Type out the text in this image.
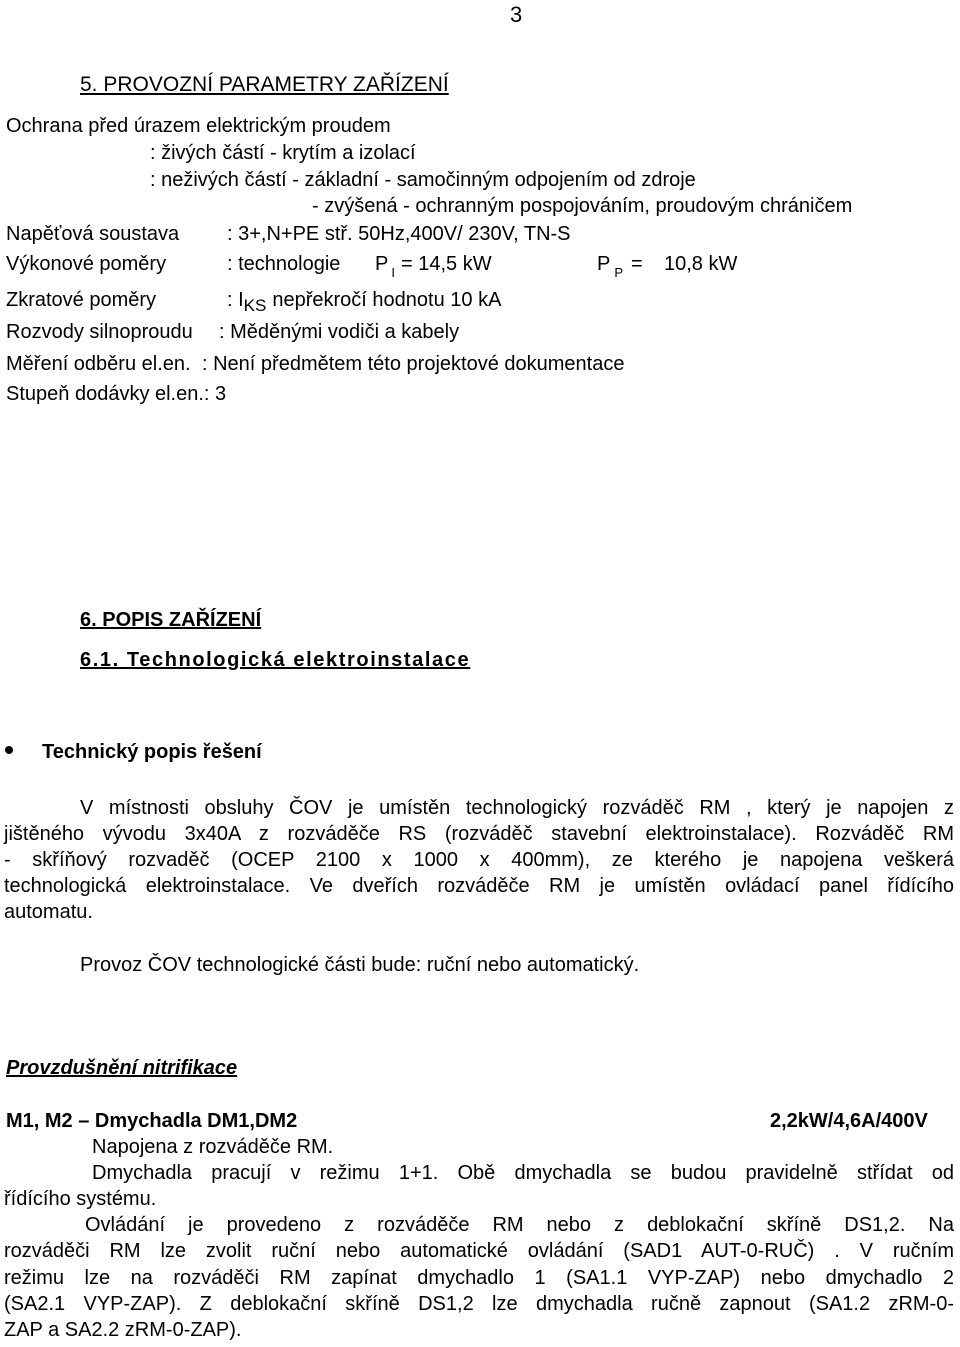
3
5. PROVOZNÍ PARAMETRY ZAŘÍZENÍ
Ochrana před úrazem elektrickým proudem
: živých částí - krytím a izolací
: neživých částí - základní - samočinným odpojením od zdroje
- zvýšená - ochranným pospojováním, proudovým chráničem
Napěťová soustava : 3+,N+PE stř. 50Hz,400V/ 230V, TN-S
Výkonové poměry	: technologie P $_I$ = 14,5 kW	P $_P$ = 10,8 kW
Zkratové poměry	: $I_{KS}$ nepřekročí hodnotu 10 kA
Rozvody silnoproudu : Měděnými vodiči a kabely
Měření odběru el.en. : Není předmětem této projektové dokumentace
Stupeň dodávky el.en.: 3
6. POPIS ZAŘÍZENÍ
6.1. Technologická elektroinstalace
Technický popis řešení
V místnosti obsluhy ČOV je umístěn technologický rozváděč RM , který je napojen z
jištěného vývodu 3x40A z rozváděče RS (rozváděč stavební elektroinstalace). Rozváděč RM
- skříňový rozvaděč (OCEP 2100 x 1000 x 400mm), ze kterého je napojena veškerá
technologická elektroinstalace. Ve dveřích rozváděče RM je umístěn ovládací panel řídícího
automatu.
Provoz ČOV technologické části bude: ruční nebo automatický.
Provzdušnění nitrifikace
M1, M2 – Dmychadla DM1,DM2	2,2kW/4,6A/400V
Napojena z rozváděče RM.
Dmychadla pracují v režimu 1+1. Obě dmychadla se budou pravidelně střídat od
řídícího systému.
Ovládání je provedeno z rozváděče RM nebo z deblokační skříně DS1,2. Na
rozváděči RM lze zvolit ruční nebo automatické ovládání (SAD1 AUT-0-RUČ) . V ručním
režimu lze na rozváděči RM zapínat dmychadlo 1 (SA1.1 VYP-ZAP) nebo dmychadlo 2
(SA2.1 VYP-ZAP). Z deblokační skříně DS1,2 lze dmychadla ručně zapnout (SA1.2 zRM-0-
ZAP a SA2.2 zRM-0-ZAP).
